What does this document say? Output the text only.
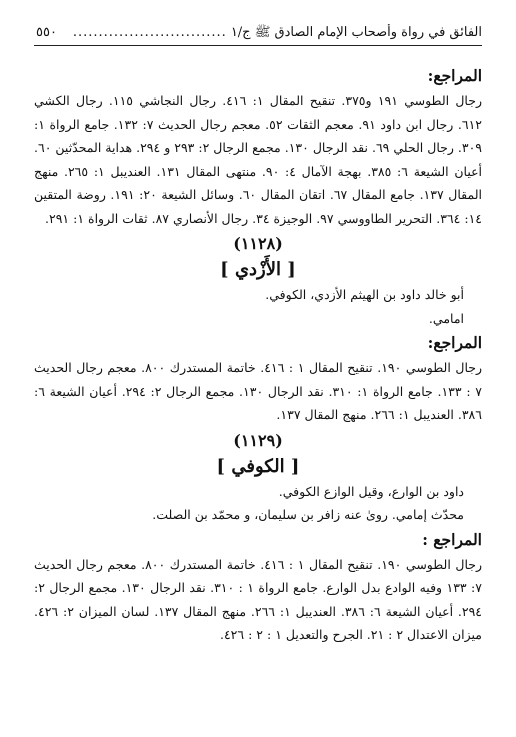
الفائق في رواة وأصحاب الإمام الصادق ﷺ ج/١
..............................
٥٥٠

المراجع:

رجال الطوسي ١٩١ و٣٧٥. تنقيح المقال ١: ٤١٦. رجال النجاشي ١١٥. رجال الكشي ٦١٢. رجال ابن داود ٩١. معجم الثقات ٥٢. معجم رجال الحديث ٧: ١٣٢. جامع الرواة ١: ٣٠٩. رجال الحلي ٦٩. نقد الرجال ١٣٠. مجمع الرجال ٢: ٢٩٣ و ٢٩٤. هداية المحدّثين ٦٠. أعيان الشيعة ٦: ٣٨٥. بهجة الآمال ٤: ٩٠. منتهى المقال ١٣١. العنديبل ١: ٢٦٥. منهج المقال ١٣٧. جامع المقال ٦٧. اتقان المقال ٦٠. وسائل الشيعة ٢٠: ١٩١. روضة المتقين ١٤: ٣٦٤. التحرير الطاووسي ٩٧. الوجيزة ٣٤. رجال الأنصاري ٨٧. ثقات الرواة ١: ٢٩١.

(١١٢٨)
[ الأَزْدي ]

أبو خالد داود بن الهيثم الأزدي، الكوفي.

امامي.

المراجع:

رجال الطوسي ١٩٠. تنقيح المقال ١ : ٤١٦. خاتمة المستدرك ٨٠٠. معجم رجال الحديث ٧ : ١٣٣. جامع الرواة ١: ٣١٠. نقد الرجال ١٣٠. مجمع الرجال ٢: ٢٩٤. أعيان الشيعة ٦: ٣٨٦. العنديبل ١: ٢٦٦. منهج المقال ١٣٧.

(١١٢٩)
[ الكوفي ]

داود بن الوارع، وقيل الوازع الكوفي.

محدّث إمامي. روىٰ عنه زافر بن سليمان، و محمّد بن الصلت.

المراجع :

رجال الطوسي ١٩٠. تنقيح المقال ١ : ٤١٦. خاتمة المستدرك ٨٠٠. معجم رجال الحديث ٧: ١٣٣ وفيه الوادع بدل الوارع. جامع الرواة ١ : ٣١٠. نقد الرجال ١٣٠. مجمع الرجال ٢: ٢٩٤. أعيان الشيعة ٦: ٣٨٦. العنديبل ١: ٢٦٦. منهج المقال ١٣٧. لسان الميزان ٢: ٤٢٦. ميزان الاعتدال ٢ : ٢١. الجرح والتعديل ١ : ٢ : ٤٢٦.
